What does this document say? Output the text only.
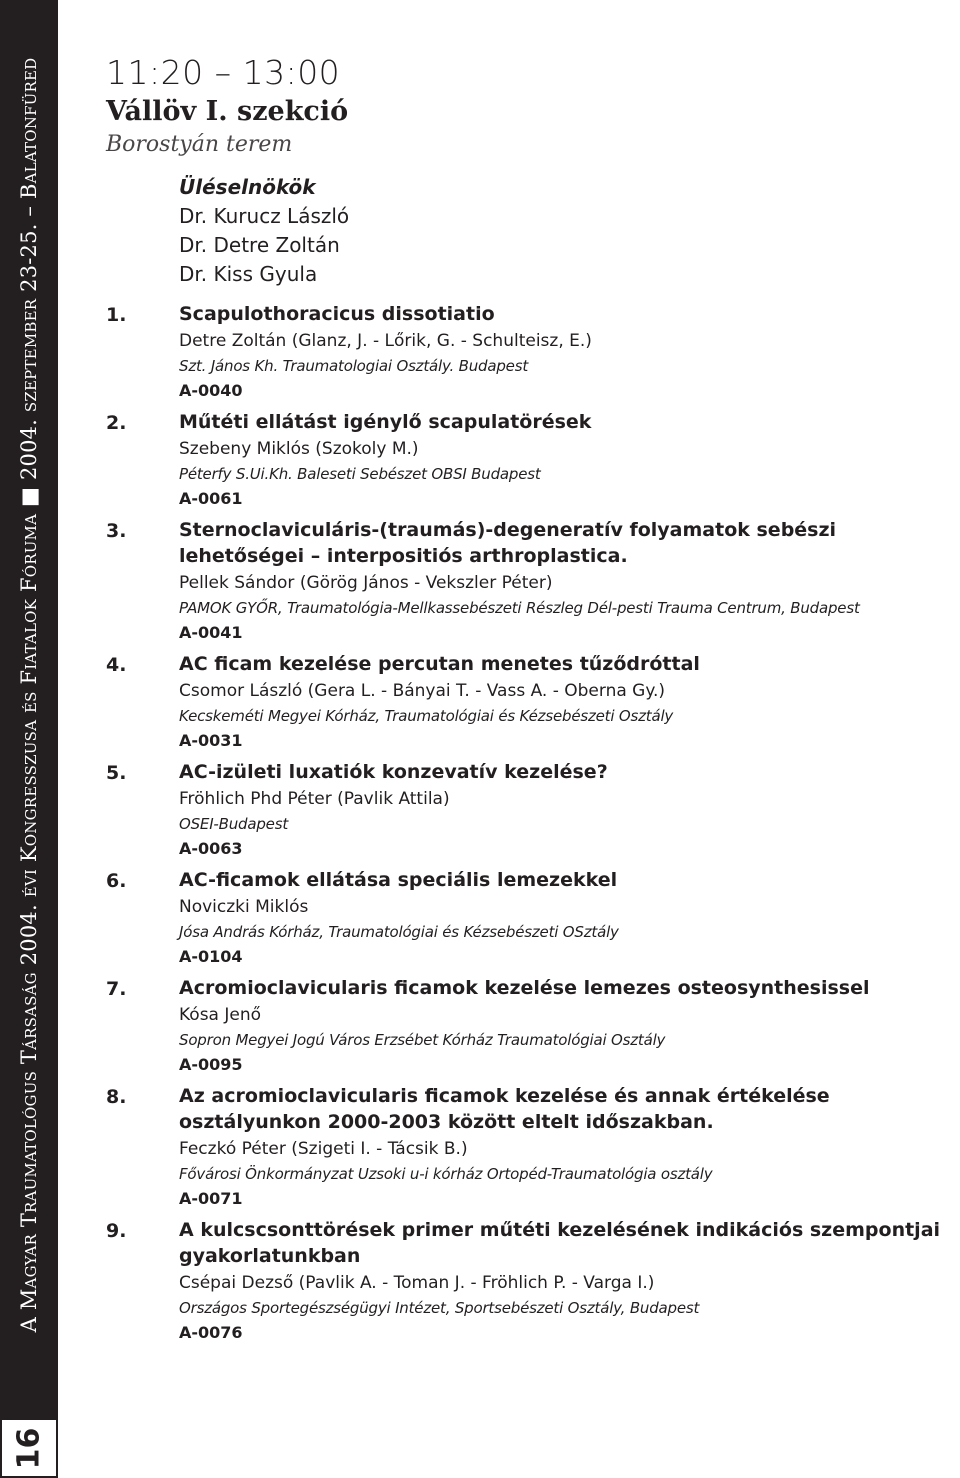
A Magyar Traumatológus Társaság 2004. évi Kongresszusa és Fiatalok Fóruma ■ 2004. szeptember 23-25. – Balatonfüred
16
11:20 – 13:00
Vállöv I. szekció
Borostyán terem
Üléselnökök
Dr. Kurucz László
Dr. Detre Zoltán
Dr. Kiss Gyula
1.	Scapulothoracicus dissotiatio
Detre Zoltán (Glanz, J. - Lőrik, G. - Schulteisz, E.)
Szt. János Kh. Traumatologiai Osztály. Budapest
A-0040
2.	Műtéti ellátást igénylő scapulatörések
Szebeny Miklós (Szokoly M.)
Péterfy S.Ui.Kh. Baleseti Sebészet OBSI Budapest
A-0061
3.	Sternoclaviculáris-(traumás)-degeneratív folyamatok sebészi lehetőségei – interpositiós arthroplastica.
Pellek Sándor (Görög János - Vekszler Péter)
PAMOK GYŐR, Traumatológia-Mellkassebészeti Részleg Dél-pesti Trauma Centrum, Budapest
A-0041
4.	AC ficam kezelése percutan menetes tűződróttal
Csomor László (Gera L. - Bányai T. - Vass A. - Oberna Gy.)
Kecskeméti Megyei Kórház, Traumatológiai és Kézsebészeti Osztály
A-0031
5.	AC-izületi luxatiók konzevatív kezelése?
Fröhlich Phd Péter (Pavlik Attila)
OSEI-Budapest
A-0063
6.	AC-ficamok ellátása speciális lemezekkel
Noviczki Miklós
Jósa András Kórház, Traumatológiai és Kézsebészeti OSztály
A-0104
7.	Acromioclavicularis ficamok kezelése lemezes osteosynthesissel
Kósa Jenő
Sopron Megyei Jogú Város Erzsébet Kórház Traumatológiai Osztály
A-0095
8.	Az acromioclavicularis ficamok kezelése és annak értékelése osztályunkon 2000-2003 között eltelt időszakban.
Feczkó Péter (Szigeti I. - Tácsik B.)
Fővárosi Önkormányzat Uzsoki u-i kórház Ortopéd-Traumatológia osztály
A-0071
9.	A kulcscsonttörések primer műtéti kezelésének indikációs szempontjai gyakorlatunkban
Csépai Dezső (Pavlik A. - Toman J. - Fröhlich P. - Varga I.)
Országos Sportegészségügyi Intézet, Sportsebészeti Osztály, Budapest
A-0076
